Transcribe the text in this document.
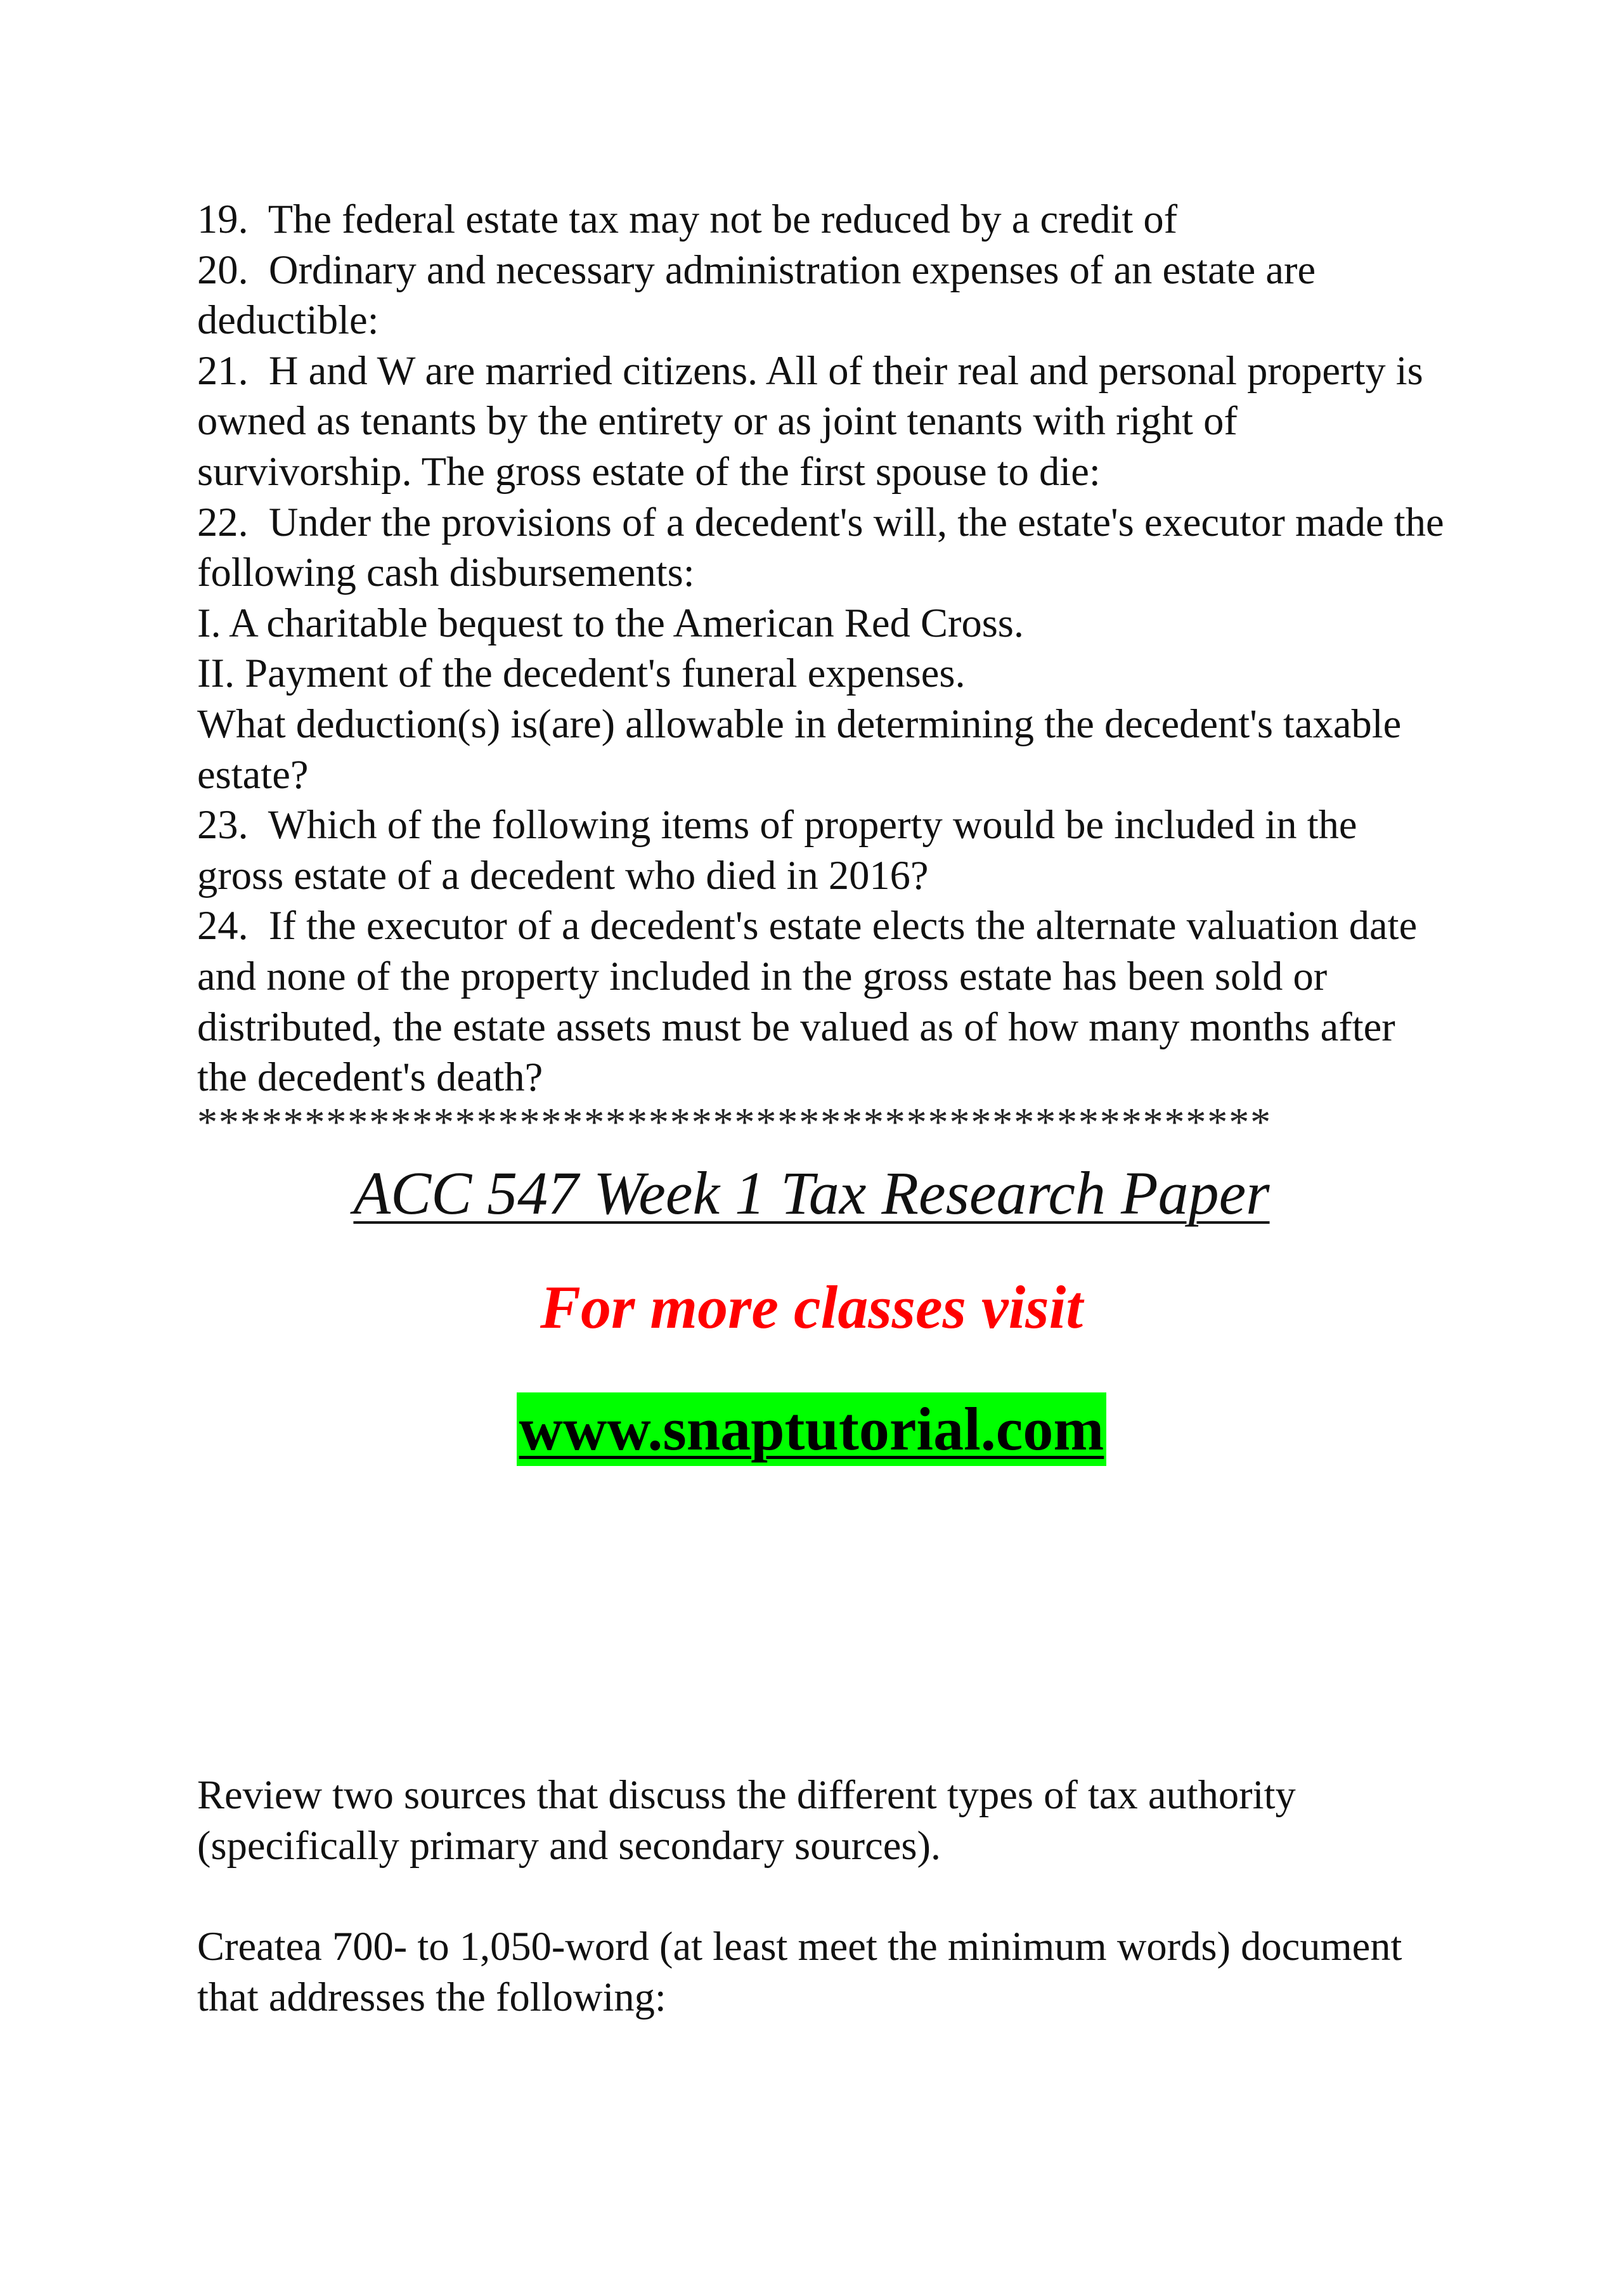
19.  The federal estate tax may not be reduced by a credit of

20.  Ordinary and necessary administration expenses of an estate are deductible:

21.  H and W are married citizens. All of their real and personal property is owned as tenants by the entirety or as joint tenants with right of survivorship. The gross estate of the first spouse to die:

22.  Under the provisions of a decedent's will, the estate's executor made the following cash disbursements:

I. A charitable bequest to the American Red Cross.

II. Payment of the decedent's funeral expenses.

What deduction(s) is(are) allowable in determining the decedent's taxable estate?

23.  Which of the following items of property would be included in the gross estate of a decedent who died in 2016?

24.  If the executor of a decedent's estate elects the alternate valuation date and none of the property included in the gross estate has been sold or distributed, the estate assets must be valued as of how many months after the decedent's death?

**************************************************
ACC 547 Week 1 Tax Research Paper
For more classes visit
www.snaptutorial.com
Review two sources that discuss the different types of tax authority (specifically primary and secondary sources).
Createa 700- to 1,050-word (at least meet the minimum words) document that addresses the following:
